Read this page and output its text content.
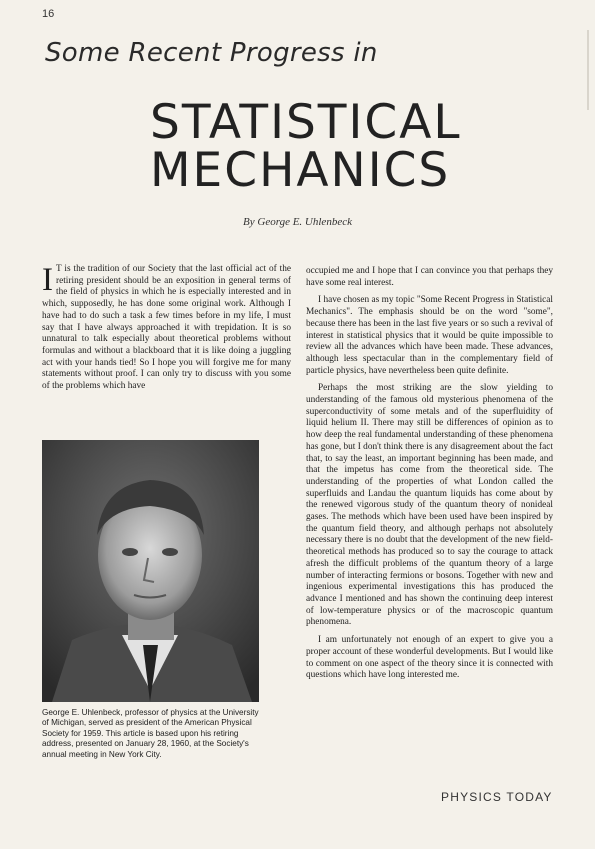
16
Some Recent Progress in
STATISTICAL
MECHANICS
By George E. Uhlenbeck

I T is the tradition of our Society that the last official act of the retiring president should be an exposition in general terms of the field of physics in which he is especially interested and in which, supposedly, he has done some original work. Although I have had to do such a task a few times before in my life, I must say that I have always approached it with trepidation. It is so unnatural to talk especially about theoretical problems without formulas and without a blackboard that it is like doing a juggling act with your hands tied! So I hope you will forgive me for many statements without proof. I can only try to discuss with you some of the problems which have

George E. Uhlenbeck, professor of physics at the University of Michigan, served as president of the American Physical Society for 1959. This article is based upon his retiring address, presented on January 28, 1960, at the Society's annual meeting in New York City.

occupied me and I hope that I can convince you that perhaps they have some real interest.

I have chosen as my topic "Some Recent Progress in Statistical Mechanics". The emphasis should be on the word "some", because there has been in the last five years or so such a revival of interest in statistical physics that it would be quite impossible to review all the advances which have been made. These advances, although less spectacular than in the complementary field of particle physics, have nevertheless been quite definite.

Perhaps the most striking are the slow yielding to understanding of the famous old mysterious phenomena of the superconductivity of some metals and of the superfluidity of liquid helium II. There may still be differences of opinion as to how deep the real fundamental understanding of these phenomena has gone, but I don't think there is any disagreement about the fact that, to say the least, an important beginning has been made, and that the impetus has come from the theoretical side. The understanding of the properties of what London called the superfluids and Landau the quantum liquids has come about by the renewed vigorous study of the quantum theory of nonideal gases. The methods which have been used have been inspired by the quantum field theory, and although perhaps not absolutely necessary there is no doubt that the development of the new field-theoretical methods has produced so to say the courage to attack afresh the difficult problems of the quantum theory of a large number of interacting fermions or bosons. Together with new and ingenious experimental investigations this has produced the advance I mentioned and has shown the continuing deep interest of low-temperature physics or of the macroscopic quantum phenomena.

I am unfortunately not enough of an expert to give you a proper account of these wonderful developments. But I would like to comment on one aspect of the theory since it is connected with questions which have long interested me.

PHYSICS TODAY
